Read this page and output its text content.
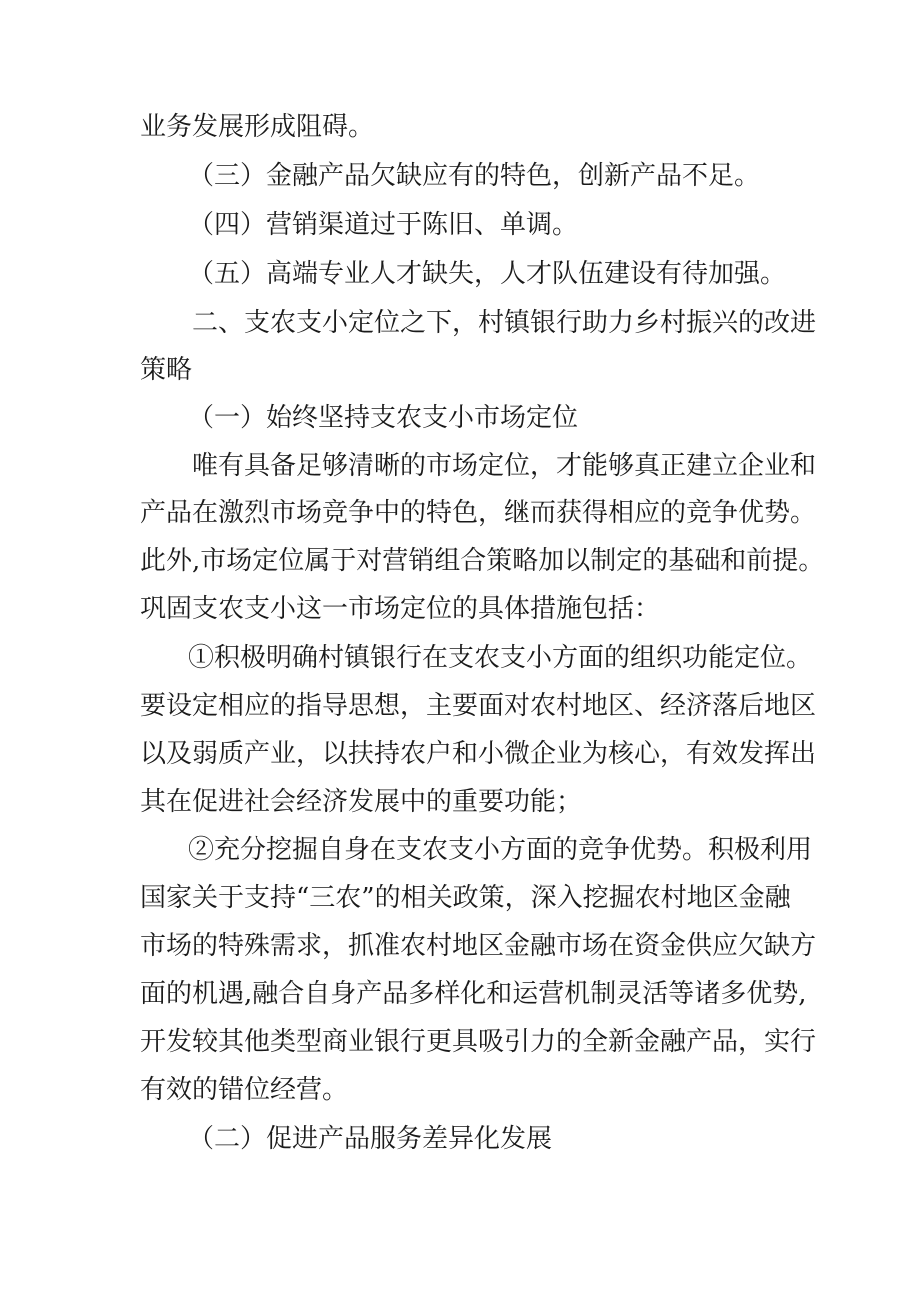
业务发展形成阻碍。

（三）金融产品欠缺应有的特色，创新产品不足。

（四）营销渠道过于陈旧、单调。

（五）高端专业人才缺失，人才队伍建设有待加强。

二、支农支小定位之下，村镇银行助力乡村振兴的改进

策略

（一）始终坚持支农支小市场定位

唯有具备足够清晰的市场定位，才能够真正建立企业和

产品在激烈市场竞争中的特色，继而获得相应的竞争优势。

此外,市场定位属于对营销组合策略加以制定的基础和前提。

巩固支农支小这一市场定位的具体措施包括：

①积极明确村镇银行在支农支小方面的组织功能定位。

要设定相应的指导思想，主要面对农村地区、经济落后地区

以及弱质产业，以扶持农户和小微企业为核心，有效发挥出

其在促进社会经济发展中的重要功能；

②充分挖掘自身在支农支小方面的竞争优势。积极利用

国家关于支持“三农”的相关政策，深入挖掘农村地区金融

市场的特殊需求，抓准农村地区金融市场在资金供应欠缺方

面的机遇,融合自身产品多样化和运营机制灵活等诸多优势,

开发较其他类型商业银行更具吸引力的全新金融产品，实行

有效的错位经营。

（二）促进产品服务差异化发展
